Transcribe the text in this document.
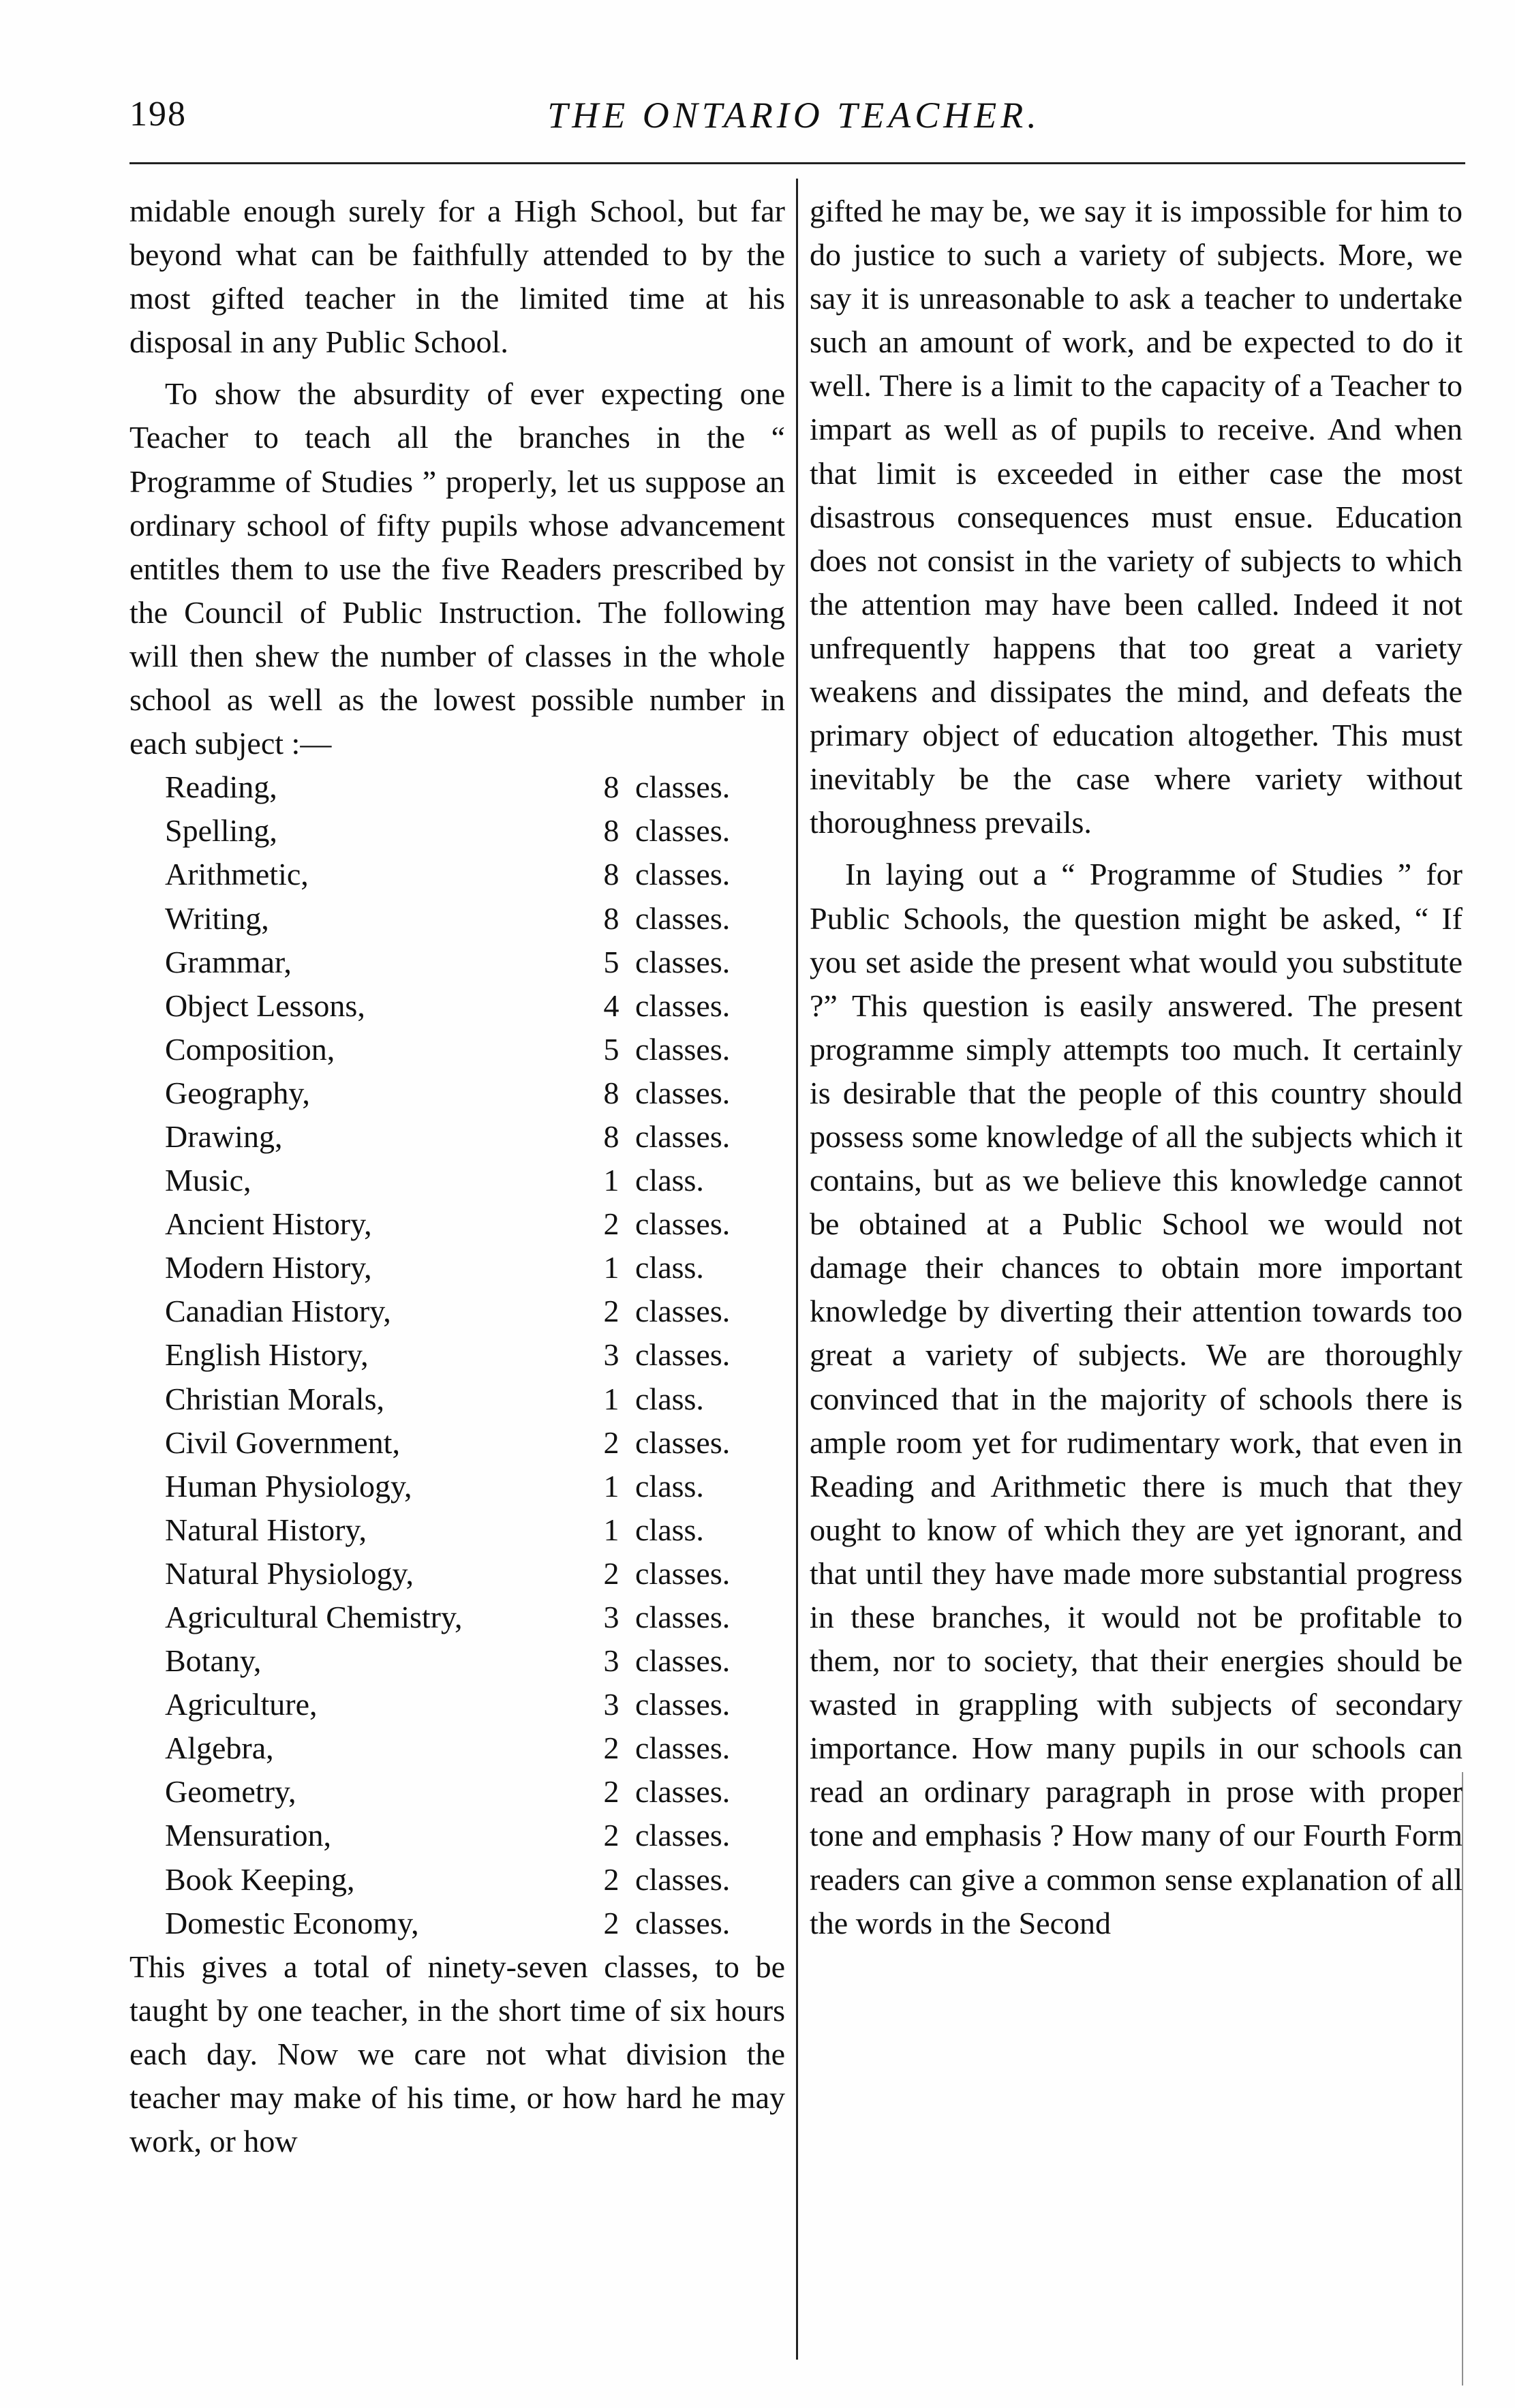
198	THE ONTARIO TEACHER.

midable enough surely for a High School, but far beyond what can be faithfully attended to by the most gifted teacher in the limited time at his disposal in any Public School.

To show the absurdity of ever expecting one Teacher to teach all the branches in the “ Programme of Studies ” properly, let us suppose an ordinary school of fifty pupils whose advancement entitles them to use the five Readers prescribed by the Council of Public Instruction. The following will then shew the number of classes in the whole school as well as the lowest possible number in each subject :—

Reading,	8	classes.
Spelling,	8	classes.
Arithmetic,	8	classes.
Writing,	8	classes.
Grammar,	5	classes.
Object Lessons,	4	classes.
Composition,	5	classes.
Geography,	8	classes.
Drawing,	8	classes.
Music,	1	class.
Ancient History,	2	classes.
Modern History,	1	class.
Canadian History,	2	classes.
English History,	3	classes.
Christian Morals,	1	class.
Civil Government,	2	classes.
Human Physiology,	1	class.
Natural History,	1	class.
Natural Physiology,	2	classes.
Agricultural Chemistry,	3	classes.
Botany,	3	classes.
Agriculture,	3	classes.
Algebra,	2	classes.
Geometry,	2	classes.
Mensuration,	2	classes.
Book Keeping,	2	classes.
Domestic Economy,	2	classes.

This gives a total of ninety-seven classes, to be taught by one teacher, in the short time of six hours each day. Now we care not what division the teacher may make of his time, or how hard he may work, or how

gifted he may be, we say it is impossible for him to do justice to such a variety of subjects. More, we say it is unreasonable to ask a teacher to undertake such an amount of work, and be expected to do it well. There is a limit to the capacity of a Teacher to impart as well as of pupils to receive. And when that limit is exceeded in either case the most disastrous consequences must ensue. Education does not consist in the variety of subjects to which the attention may have been called. Indeed it not unfrequently happens that too great a variety weakens and dissipates the mind, and defeats the primary object of education altogether. This must inevitably be the case where variety without thoroughness prevails.

In laying out a “ Programme of Studies ” for Public Schools, the question might be asked, “ If you set aside the present what would you substitute ?” This question is easily answered. The present programme simply attempts too much. It certainly is desirable that the people of this country should possess some knowledge of all the subjects which it contains, but as we believe this knowledge cannot be obtained at a Public School we would not damage their chances to obtain more important knowledge by diverting their attention towards too great a variety of subjects. We are thoroughly convinced that in the majority of schools there is ample room yet for rudimentary work, that even in Reading and Arithmetic there is much that they ought to know of which they are yet ignorant, and that until they have made more substantial progress in these branches, it would not be profitable to them, nor to society, that their energies should be wasted in grappling with subjects of secondary importance. How many pupils in our schools can read an ordinary paragraph in prose with proper tone and emphasis ? How many of our Fourth Form readers can give a common sense explanation of all the words in the Second
